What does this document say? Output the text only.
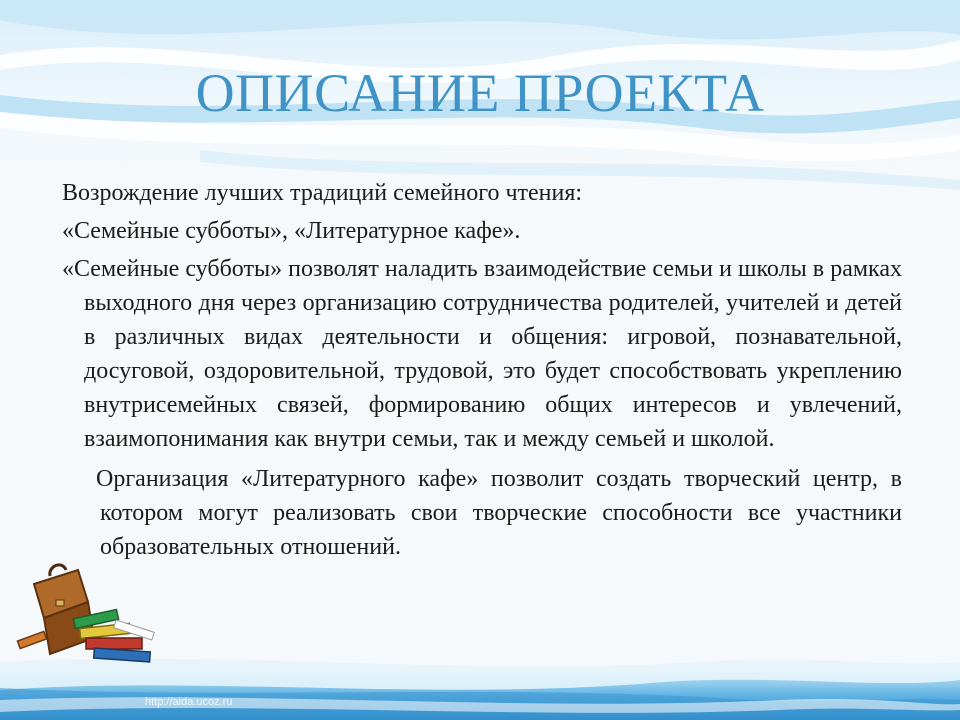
ОПИСАНИЕ ПРОЕКТА

Возрождение лучших традиций семейного чтения:

«Семейные субботы», «Литературное кафе».

«Семейные субботы» позволят наладить взаимодействие семьи и школы в рамках выходного дня через организацию сотрудничества родителей, учителей и детей в различных видах деятельности и общения: игровой, познавательной, досуговой, оздоровительной, трудовой, это будет способствовать укреплению внутрисемейных связей, формированию общих интересов и увлечений, взаимопонимания как внутри семьи, так и между семьей и школой.

Организация «Литературного кафе» позволит создать творческий центр, в котором могут реализовать свои творческие способности все участники образовательных отношений.

http://aida.ucoz.ru
